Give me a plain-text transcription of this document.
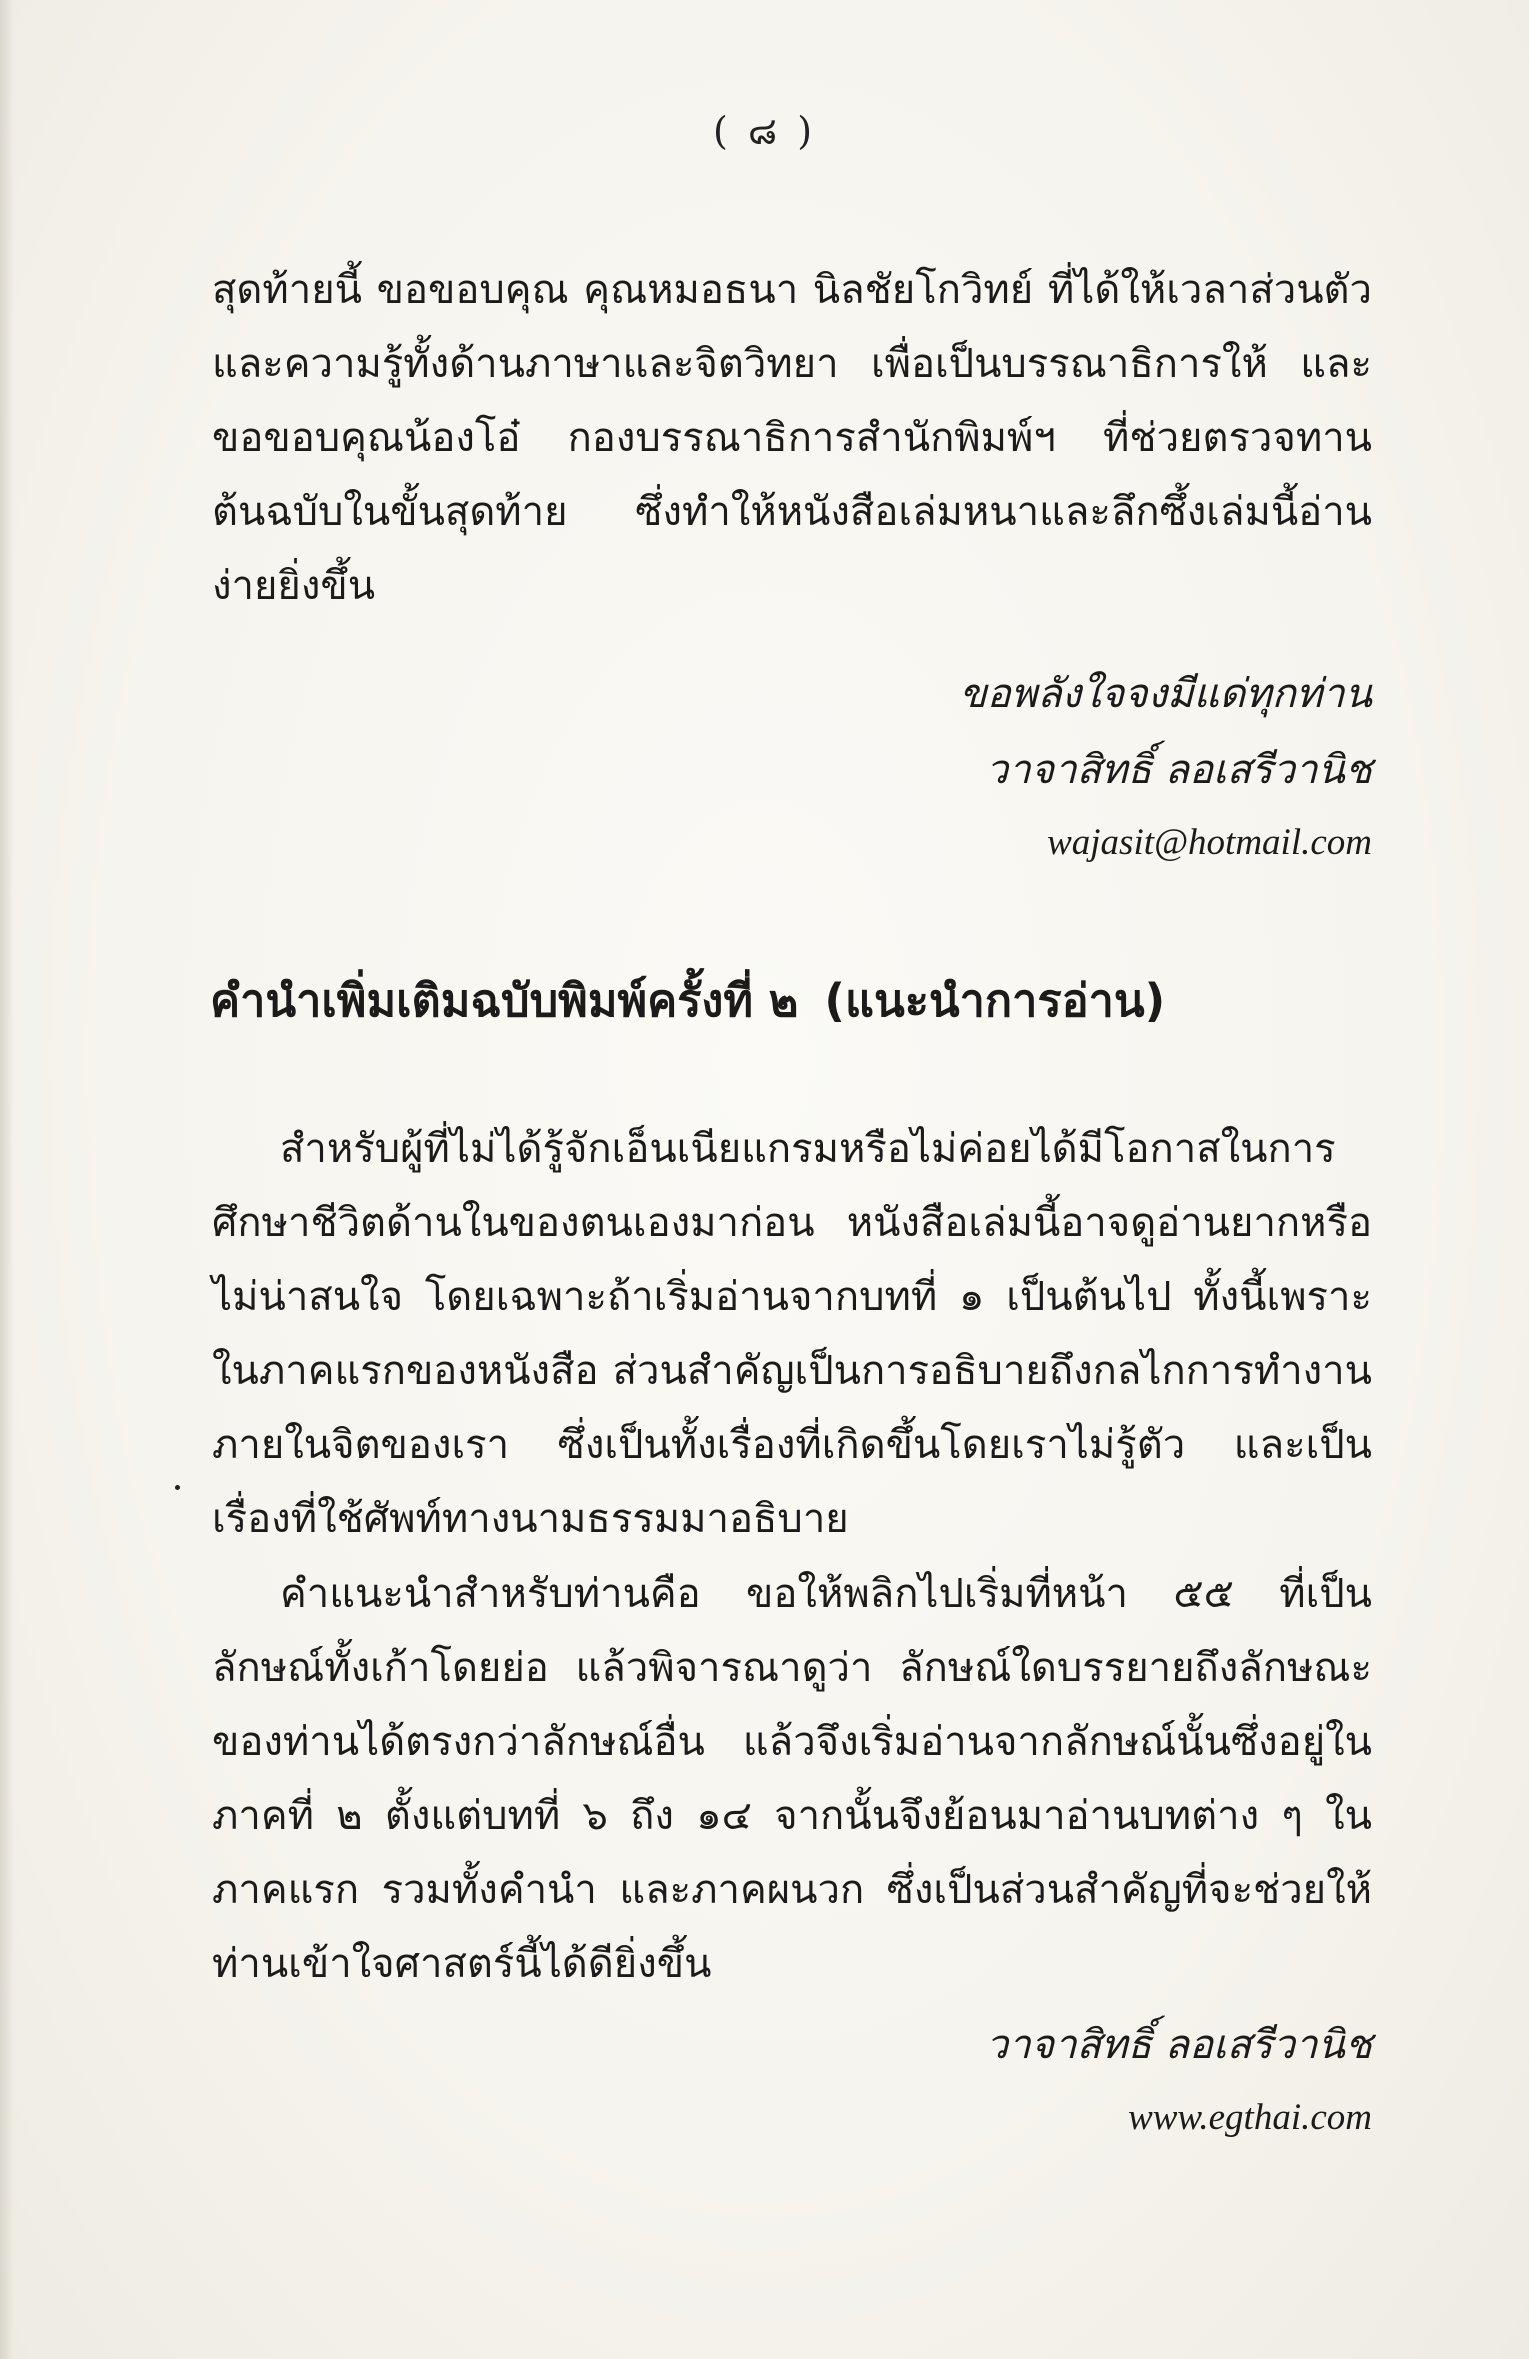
( ๘ )
สุดท้ายนี้ ขอขอบคุณ คุณหมอธนา นิลชัยโกวิทย์ ที่ได้ให้เวลาส่วนตัว
และความรู้ทั้งด้านภาษาและจิตวิทยา เพื่อเป็นบรรณาธิการให้ และ
ขอขอบคุณน้องโอ๋ กองบรรณาธิการสำนักพิมพ์ฯ ที่ช่วยตรวจทาน
ต้นฉบับในขั้นสุดท้าย ซึ่งทำให้หนังสือเล่มหนาและลึกซึ้งเล่มนี้อ่าน
ง่ายยิ่งขึ้น
ขอพลังใจจงมีแด่ทุกท่าน
วาจาสิทธิ์ ลอเสรีวานิช
wajasit@hotmail.com
คำนำเพิ่มเติมฉบับพิมพ์ครั้งที่ ๒ (แนะนำการอ่าน)
สำหรับผู้ที่ไม่ได้รู้จักเอ็นเนียแกรมหรือไม่ค่อยได้มีโอกาสในการ
ศึกษาชีวิตด้านในของตนเองมาก่อน หนังสือเล่มนี้อาจดูอ่านยากหรือ
ไม่น่าสนใจ โดยเฉพาะถ้าเริ่มอ่านจากบทที่ ๑ เป็นต้นไป ทั้งนี้เพราะ
ในภาคแรกของหนังสือ ส่วนสำคัญเป็นการอธิบายถึงกลไกการทำงาน
ภายในจิตของเรา ซึ่งเป็นทั้งเรื่องที่เกิดขึ้นโดยเราไม่รู้ตัว และเป็น
เรื่องที่ใช้ศัพท์ทางนามธรรมมาอธิบาย
คำแนะนำสำหรับท่านคือ ขอให้พลิกไปเริ่มที่หน้า ๕๕ ที่เป็น
ลักษณ์ทั้งเก้าโดยย่อ แล้วพิจารณาดูว่า ลักษณ์ใดบรรยายถึงลักษณะ
ของท่านได้ตรงกว่าลักษณ์อื่น แล้วจึงเริ่มอ่านจากลักษณ์นั้นซึ่งอยู่ใน
ภาคที่ ๒ ตั้งแต่บทที่ ๖ ถึง ๑๔ จากนั้นจึงย้อนมาอ่านบทต่าง ๆ ใน
ภาคแรก รวมทั้งคำนำ และภาคผนวก ซึ่งเป็นส่วนสำคัญที่จะช่วยให้
ท่านเข้าใจศาสตร์นี้ได้ดียิ่งขึ้น
วาจาสิทธิ์ ลอเสรีวานิช
www.egthai.com
